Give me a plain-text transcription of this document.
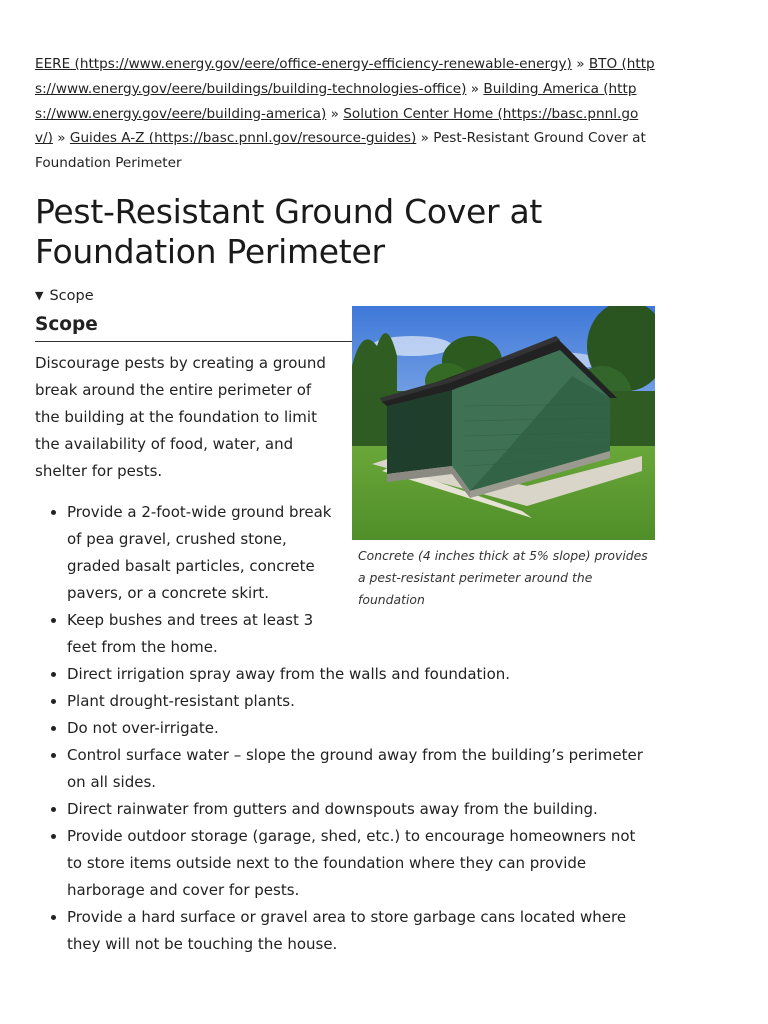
EERE (https://www.energy.gov/eere/office-energy-efficiency-renewable-energy) » BTO (https://www.energy.gov/eere/buildings/building-technologies-office) » Building America (https://www.energy.gov/eere/building-america) » Solution Center Home (https://basc.pnnl.gov/) » Guides A-Z (https://basc.pnnl.gov/resource-guides) » Pest-Resistant Ground Cover at Foundation Perimeter
Pest-Resistant Ground Cover at Foundation Perimeter
▼ Scope
Concrete (4 inches thick at 5% slope) provides a pest-resistant perimeter around the foundation
Scope

Discourage pests by creating a ground break around the entire perimeter of the building at the foundation to limit the availability of food, water, and shelter for pests.

• Provide a 2-foot-wide ground break of pea gravel, crushed stone, graded basalt particles, concrete pavers, or a concrete skirt.
• Keep bushes and trees at least 3 feet from the home.
• Direct irrigation spray away from the walls and foundation.
• Plant drought-resistant plants.
• Do not over-irrigate.
• Control surface water – slope the ground away from the building’s perimeter on all sides.
• Direct rainwater from gutters and downspouts away from the building.
• Provide outdoor storage (garage, shed, etc.) to encourage homeowners not to store items outside next to the foundation where they can provide harborage and cover for pests.
• Provide a hard surface or gravel area to store garbage cans located where they will not be touching the house.
